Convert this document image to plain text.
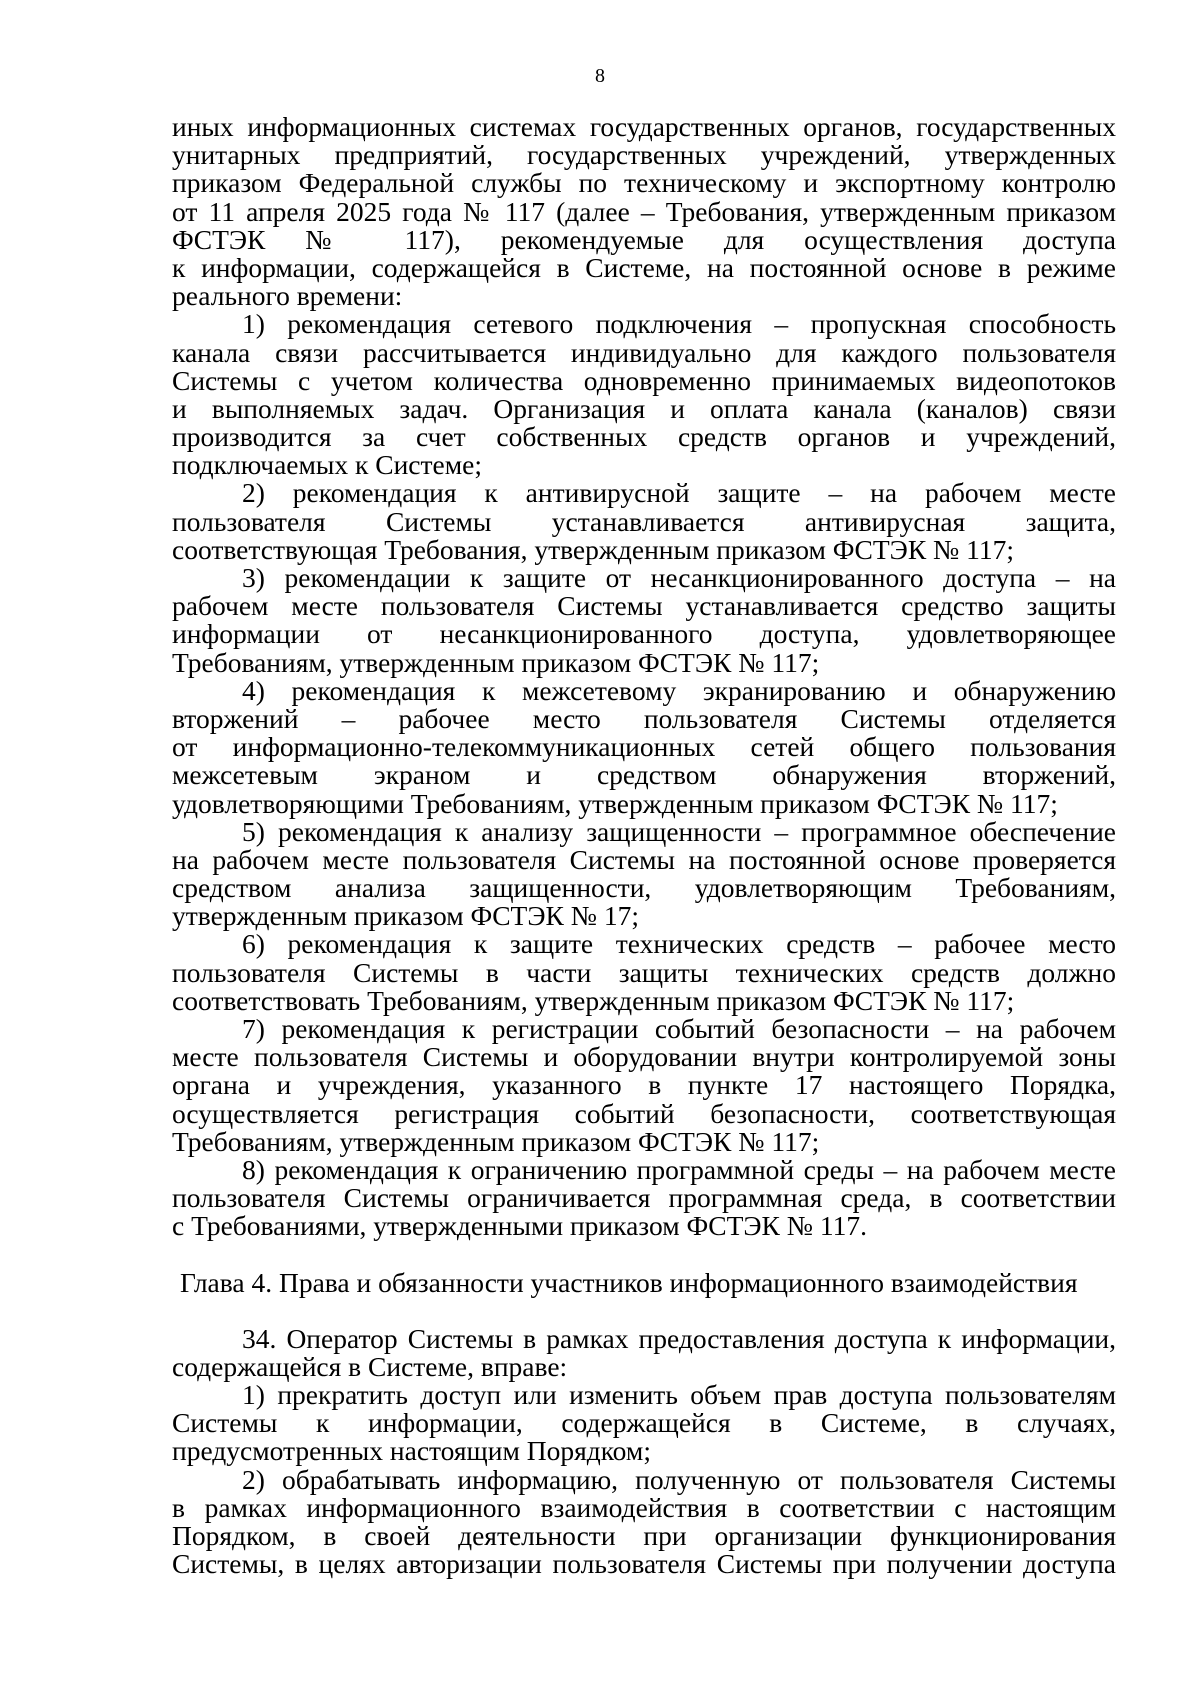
8
иных информационных системах государственных органов, государственных
унитарных предприятий, государственных учреждений, утвержденных
приказом Федеральной службы по техническому и экспортному контролю
от 11 апреля 2025 года № 117 (далее – Требования, утвержденным приказом
ФСТЭК № 117), рекомендуемые для осуществления доступа
к информации, содержащейся в Системе, на постоянной основе в режиме
реального времени:
1) рекомендация сетевого подключения – пропускная способность
канала связи рассчитывается индивидуально для каждого пользователя
Системы с учетом количества одновременно принимаемых видеопотоков
и выполняемых задач. Организация и оплата канала (каналов) связи
производится за счет собственных средств органов и учреждений,
подключаемых к Системе;
2) рекомендация к антивирусной защите – на рабочем месте
пользователя Системы устанавливается антивирусная защита,
соответствующая Требования, утвержденным приказом ФСТЭК № 117;
3) рекомендации к защите от несанкционированного доступа – на
рабочем месте пользователя Системы устанавливается средство защиты
информации от несанкционированного доступа, удовлетворяющее
Требованиям, утвержденным приказом ФСТЭК № 117;
4) рекомендация к межсетевому экранированию и обнаружению
вторжений – рабочее место пользователя Системы отделяется
от информационно-телекоммуникационных сетей общего пользования
межсетевым экраном и средством обнаружения вторжений,
удовлетворяющими Требованиям, утвержденным приказом ФСТЭК № 117;
5) рекомендация к анализу защищенности – программное обеспечение
на рабочем месте пользователя Системы на постоянной основе проверяется
средством анализа защищенности, удовлетворяющим Требованиям,
утвержденным приказом ФСТЭК № 17;
6) рекомендация к защите технических средств – рабочее место
пользователя Системы в части защиты технических средств должно
соответствовать Требованиям, утвержденным приказом ФСТЭК № 117;
7) рекомендация к регистрации событий безопасности – на рабочем
месте пользователя Системы и оборудовании внутри контролируемой зоны
органа и учреждения, указанного в пункте 17 настоящего Порядка,
осуществляется регистрация событий безопасности, соответствующая
Требованиям, утвержденным приказом ФСТЭК № 117;
8) рекомендация к ограничению программной среды – на рабочем месте
пользователя Системы ограничивается программная среда, в соответствии
с Требованиями, утвержденными приказом ФСТЭК № 117.
Глава 4. Права и обязанности участников информационного взаимодействия
34. Оператор Системы в рамках предоставления доступа к информации,
содержащейся в Системе, вправе:
1) прекратить доступ или изменить объем прав доступа пользователям
Системы к информации, содержащейся в Системе, в случаях,
предусмотренных настоящим Порядком;
2) обрабатывать информацию, полученную от пользователя Системы
в рамках информационного взаимодействия в соответствии с настоящим
Порядком, в своей деятельности при организации функционирования
Системы, в целях авторизации пользователя Системы при получении доступа
